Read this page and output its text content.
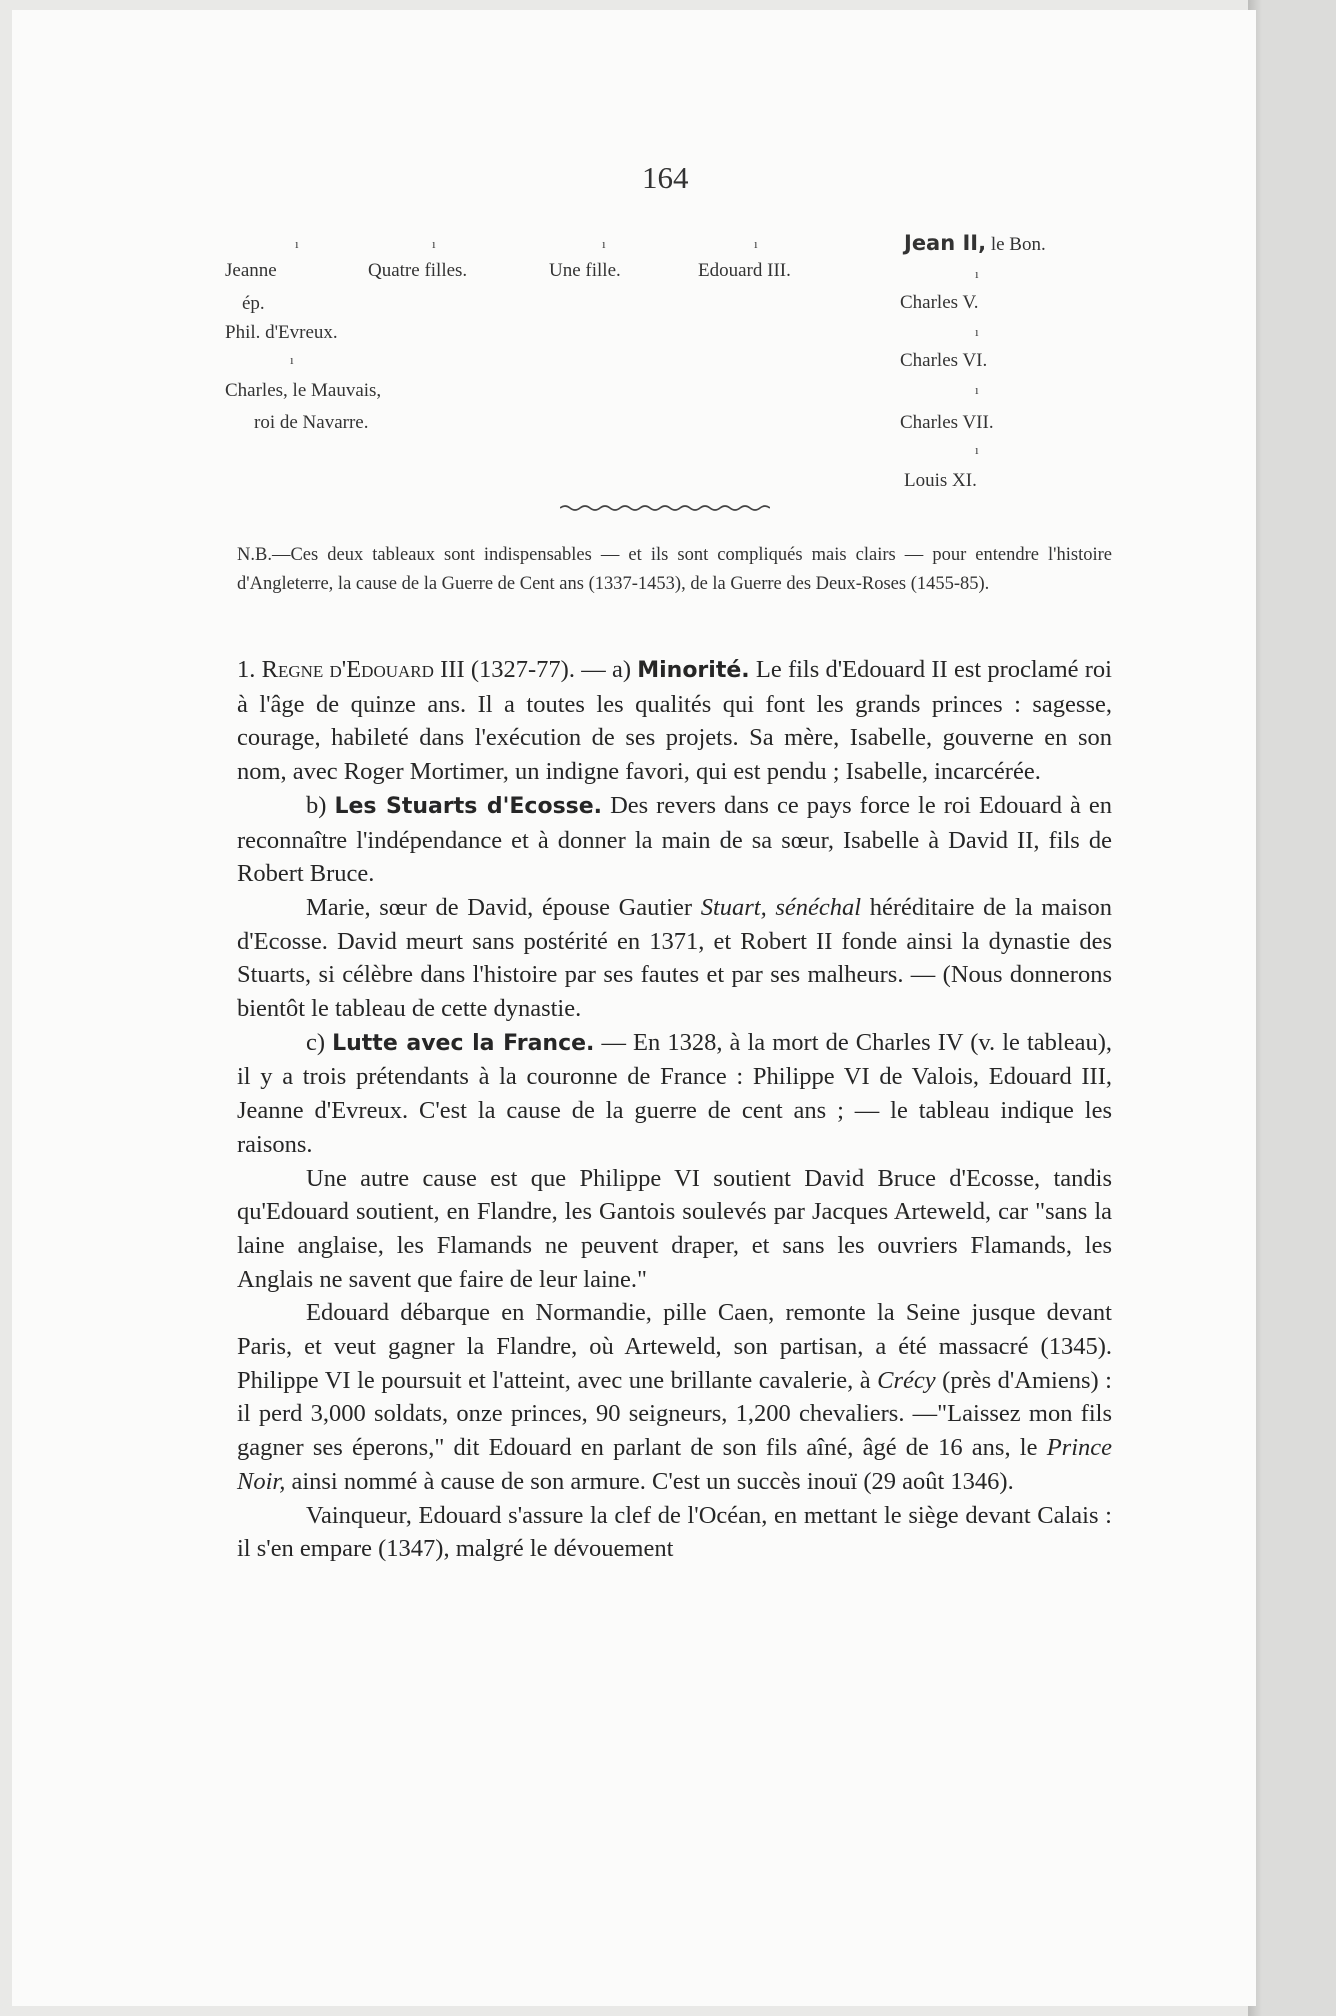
164
ı	ı	ı	ı
Jeanne
ép.
Phil. d'Evreux.
ı
Charles, le Mauvais,
roi de Navarre.
Quatre filles.	Une fille.	Edouard III.
Jean II, le Bon.
ı
Charles V.
ı
Charles VI.
ı
Charles VII.
ı
Louis XI.

N.B.—Ces deux tableaux sont indispensables — et ils sont compliqués mais clairs — pour entendre l'histoire d'Angleterre, la cause de la Guerre de Cent ans (1337-1453), de la Guerre des Deux-Roses (1455-85).

1. Regne d'Edouard III (1327-77). — a) Minorité. Le fils d'Edouard II est proclamé roi à l'âge de quinze ans. Il a toutes les qualités qui font les grands princes : sagesse, courage, habileté dans l'exécution de ses projets. Sa mère, Isabelle, gouverne en son nom, avec Roger Mortimer, un indigne favori, qui est pendu ; Isabelle, incarcérée.

b) Les Stuarts d'Ecosse. Des revers dans ce pays force le roi Edouard à en reconnaître l'indépendance et à donner la main de sa sœur, Isabelle à David II, fils de Robert Bruce.

Marie, sœur de David, épouse Gautier Stuart, sénéchal héréditaire de la maison d'Ecosse. David meurt sans postérité en 1371, et Robert II fonde ainsi la dynastie des Stuarts, si célèbre dans l'histoire par ses fautes et par ses malheurs. — (Nous donnerons bientôt le tableau de cette dynastie.

c) Lutte avec la France. — En 1328, à la mort de Charles IV (v. le tableau), il y a trois prétendants à la couronne de France : Philippe VI de Valois, Edouard III, Jeanne d'Evreux. C'est la cause de la guerre de cent ans ; — le tableau indique les raisons.

Une autre cause est que Philippe VI soutient David Bruce d'Ecosse, tandis qu'Edouard soutient, en Flandre, les Gantois soulevés par Jacques Arteweld, car "sans la laine anglaise, les Flamands ne peuvent draper, et sans les ouvriers Flamands, les Anglais ne savent que faire de leur laine."

Edouard débarque en Normandie, pille Caen, remonte la Seine jusque devant Paris, et veut gagner la Flandre, où Arteweld, son partisan, a été massacré (1345). Philippe VI le poursuit et l'atteint, avec une brillante cavalerie, à Crécy (près d'Amiens) : il perd 3,000 soldats, onze princes, 90 seigneurs, 1,200 chevaliers. —"Laissez mon fils gagner ses éperons," dit Edouard en parlant de son fils aîné, âgé de 16 ans, le Prince Noir, ainsi nommé à cause de son armure. C'est un succès inouï (29 août 1346).

Vainqueur, Edouard s'assure la clef de l'Océan, en mettant le siège devant Calais : il s'en empare (1347), malgré le dévouement
